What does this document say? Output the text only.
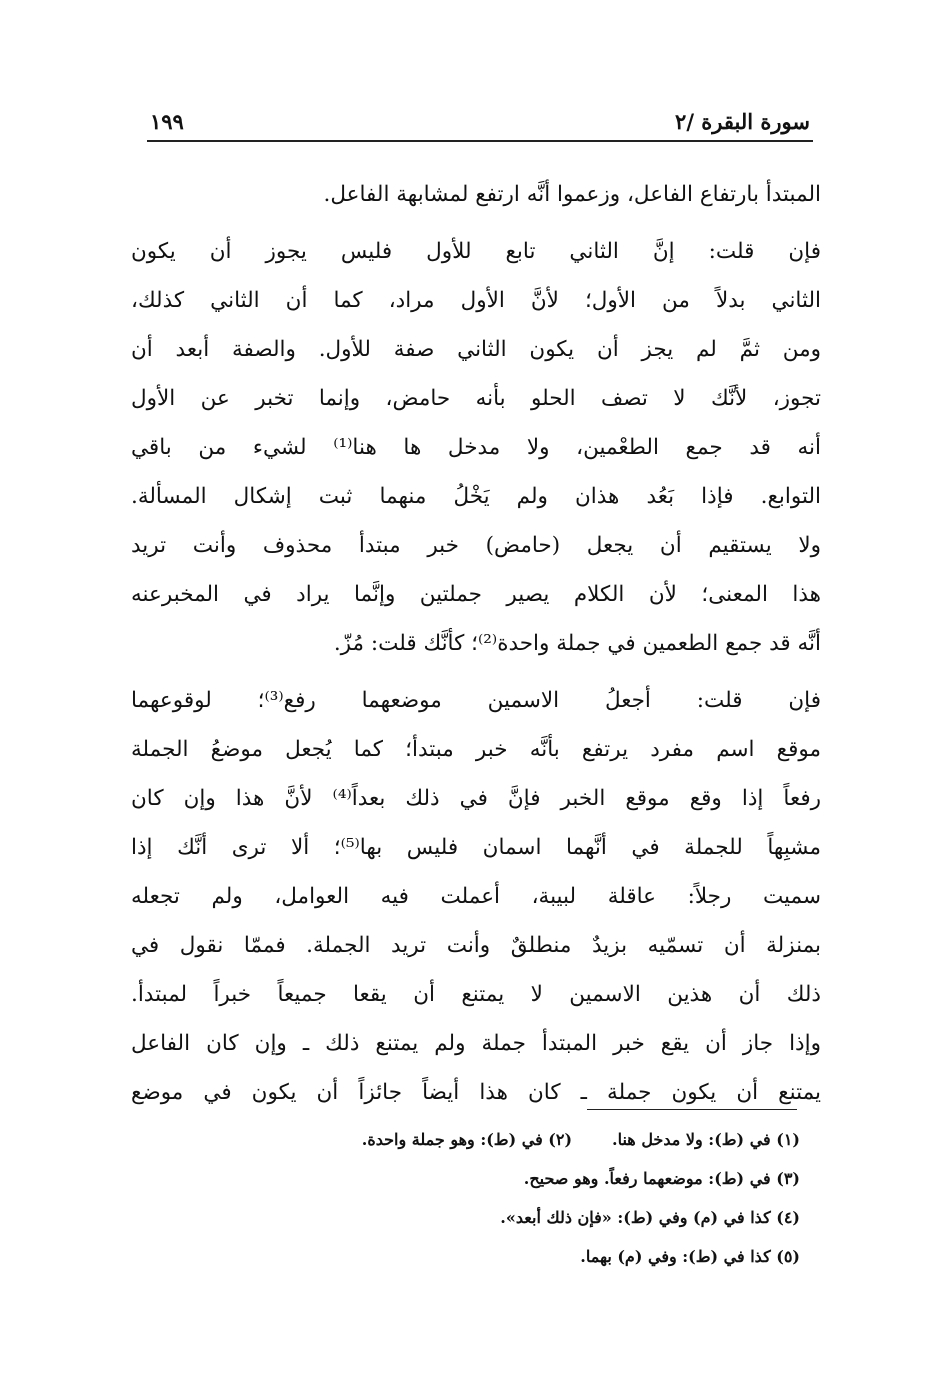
سورة البقرة /٢
١٩٩
المبتدأ بارتفاع الفاعل، وزعموا أنَّه ارتفع لمشابهة الفاعل.
فإن قلت: إنَّ الثاني تابع للأول فليس يجوز أن يكون
الثاني بدلاً من الأول؛ لأنَّ الأول مراد، كما أن الثاني كذلك،
ومن ثمَّ لم يجز أن يكون الثاني صفة للأول. والصفة أبعد أن
تجوز، لأنَّك لا تصف الحلو بأنه حامض، وإنما تخبر عن الأول
أنه قد جمع الطعْمين، ولا مدخل ها هنا⁽¹⁾ لشيء من باقي
التوابع. فإذا بَعُد هذان ولم يَخْلُ منهما ثبت إشكال المسألة.
ولا يستقيم أن يجعل (حامض) خبر مبتدأ محذوف وأنت تريد
هذا المعنى؛ لأن الكلام يصير جملتين وإنَّما يراد في المخبرعنه
أنَّه قد جمع الطعمين في جملة واحدة⁽²⁾؛ كأنَّك قلت: مُزّ.
فإن قلت: أجعلُ الاسمين موضعهما رفع⁽³⁾؛ لوقوعهما
موقع اسم مفرد يرتفع بأنَّه خبر مبتدأ؛ كما يُجعل موضعُ الجملة
رفعاً إذا وقع موقع الخبر فإنَّ في ذلك بعداً⁽⁴⁾ لأنَّ هذا وإن كان
مشبِهاً للجملة في أنَّهما اسمان فليس بها⁽⁵⁾؛ ألا ترى أنَّك إذا
سميت رجلاً: عاقلة لبيبة، أعملت فيه العوامل، ولم تجعله
بمنزلة أن تسمّيه بزيدٌ منطلقٌ وأنت تريد الجملة. فممّا نقول في
ذلك أن هذين الاسمين لا يمتنع أن يقعا جميعاً خبراً لمبتدأ.
وإذا جاز أن يقع خبر المبتدأ جملة ولم يمتنع ذلك ـ وإن كان الفاعل
يمتنع أن يكون جملة ـ كان هذا أيضاً جائزاً أن يكون في موضع
(١) في (ط): ولا مدخل هنا.
(٢) في (ط): وهو جملة واحدة.
(٣) في (ط): موضعهما رفعاً. وهو صحيح.
(٤) كذا في (م) وفي (ط): «فإن ذلك أبعد».
(٥) كذا في (ط): وفي (م) بهما.
